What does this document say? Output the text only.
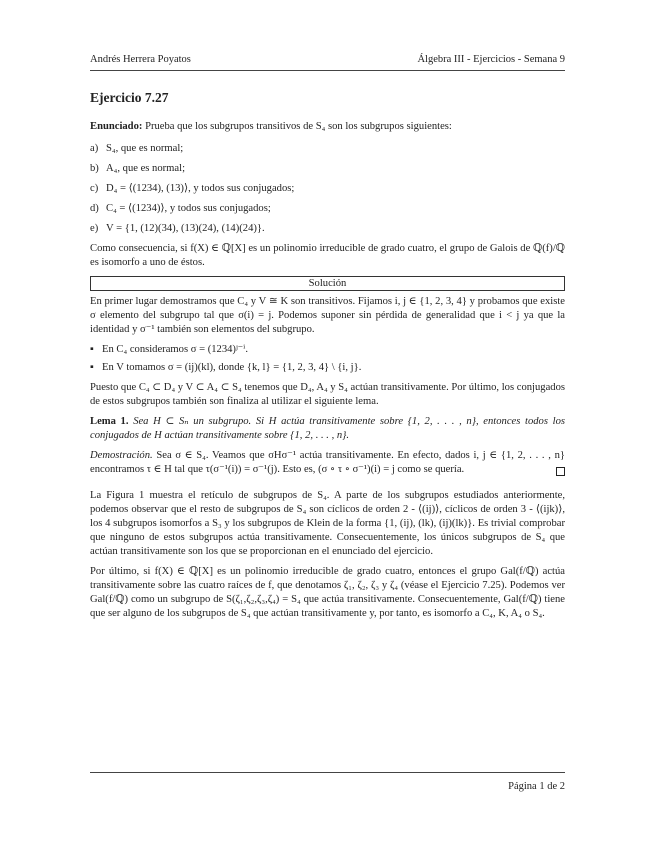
Andrés Herrera Poyatos	Álgebra III - Ejercicios - Semana 9
Ejercicio 7.27

Enunciado: Prueba que los subgrupos transitivos de S₄ son los subgrupos siguientes:

a) S₄, que es normal;
b) A₄, que es normal;
c) D₄ = ⟨(1234), (13)⟩, y todos sus conjugados;
d) C₄ = ⟨(1234)⟩, y todos sus conjugados;
e) V = {1, (12)(34), (13)(24), (14)(24)}.

Como consecuencia, si f(X) ∈ ℚ[X] es un polinomio irreducible de grado cuatro, el grupo de Galois de ℚ(f)/ℚ es isomorfo a uno de éstos.

Solución

En primer lugar demostramos que C₄ y V ≅ K son transitivos. Fijamos i, j ∈ {1, 2, 3, 4} y probamos que existe σ elemento del subgrupo tal que σ(i) = j. Podemos suponer sin pérdida de generalidad que i < j ya que la identidad y σ⁻¹ también son elementos del subgrupo.

▪ En C₄ consideramos σ = (1234)ʲ⁻ⁱ.
▪ En V tomamos σ = (ij)(kl), donde {k, l} = {1, 2, 3, 4} \ {i, j}.

Puesto que C₄ ⊂ D₄ y V ⊂ A₄ ⊂ S₄ tenemos que D₄, A₄ y S₄ actúan transitivamente. Por último, los conjugados de estos subgrupos también son finaliza al utilizar el siguiente lema.

Lema 1. Sea H ⊂ Sₙ un subgrupo. Si H actúa transitivamente sobre {1, 2, . . . , n}, entonces todos los conjugados de H actúan transitivamente sobre {1, 2, . . . , n}.

Demostración. Sea σ ∈ S₄. Veamos que σHσ⁻¹ actúa transitivamente. En efecto, dados i, j ∈ {1, 2, . . . , n} encontramos τ ∈ H tal que τ(σ⁻¹(i)) = σ⁻¹(j). Esto es, (σ ∘ τ ∘ σ⁻¹)(i) = j como se quería.

La Figura 1 muestra el retículo de subgrupos de S₄. A parte de los subgrupos estudiados anteriormente, podemos observar que el resto de subgrupos de S₄ son cíclicos de orden 2 - ⟨(ij)⟩, cíclicos de orden 3 - ⟨(ijk)⟩, los 4 subgrupos isomorfos a S₃ y los subgrupos de Klein de la forma {1, (ij), (lk), (ij)(lk)}. Es trivial comprobar que ninguno de estos subgrupos actúa transitivamente. Consecuentemente, los únicos subgrupos de S₄ que actúan transitivamente son los que se proporcionan en el enunciado del ejercicio.

Por último, si f(X) ∈ ℚ[X] es un polinomio irreducible de grado cuatro, entonces el grupo Gal(f/ℚ) actúa transitivamente sobre las cuatro raíces de f, que denotamos ζ₁, ζ₂, ζ₃ y ζ₄ (véase el Ejercicio 7.25). Podemos ver Gal(f/ℚ) como un subgrupo de S(ζ₁,ζ₂,ζ₃,ζ₄) = S₄ que actúa transitivamente. Consecuentemente, Gal(f/ℚ) tiene que ser alguno de los subgrupos de S₄ que actúan transitivamente y, por tanto, es isomorfo a C₄, K, A₄ o S₄.

Página 1 de 2
